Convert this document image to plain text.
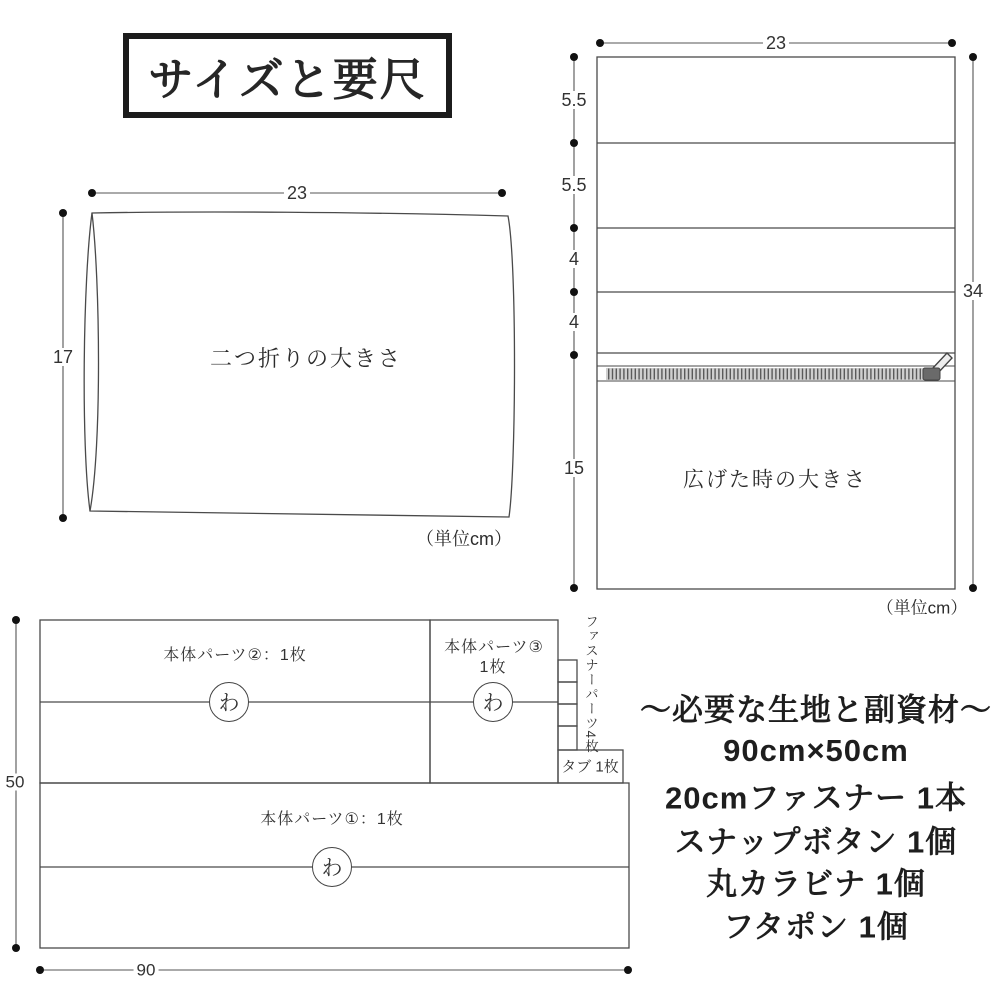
サイズと要尺
23
17	二つ折りの大きさ
（単位cm）
23
5.5
5.5
4
4
15
34
広げた時の大きさ
（単位cm）
本体パーツ②：1枚	本体パーツ③
1枚
本体パーツ①：1枚
タブ 1枚
ファスナーパーツ4枚
わ	わ
わ
50
90
〜必要な生地と副資材〜
90cm×50cm
20cmファスナー 1本
スナップボタン 1個
丸カラビナ 1個
フタポン 1個
